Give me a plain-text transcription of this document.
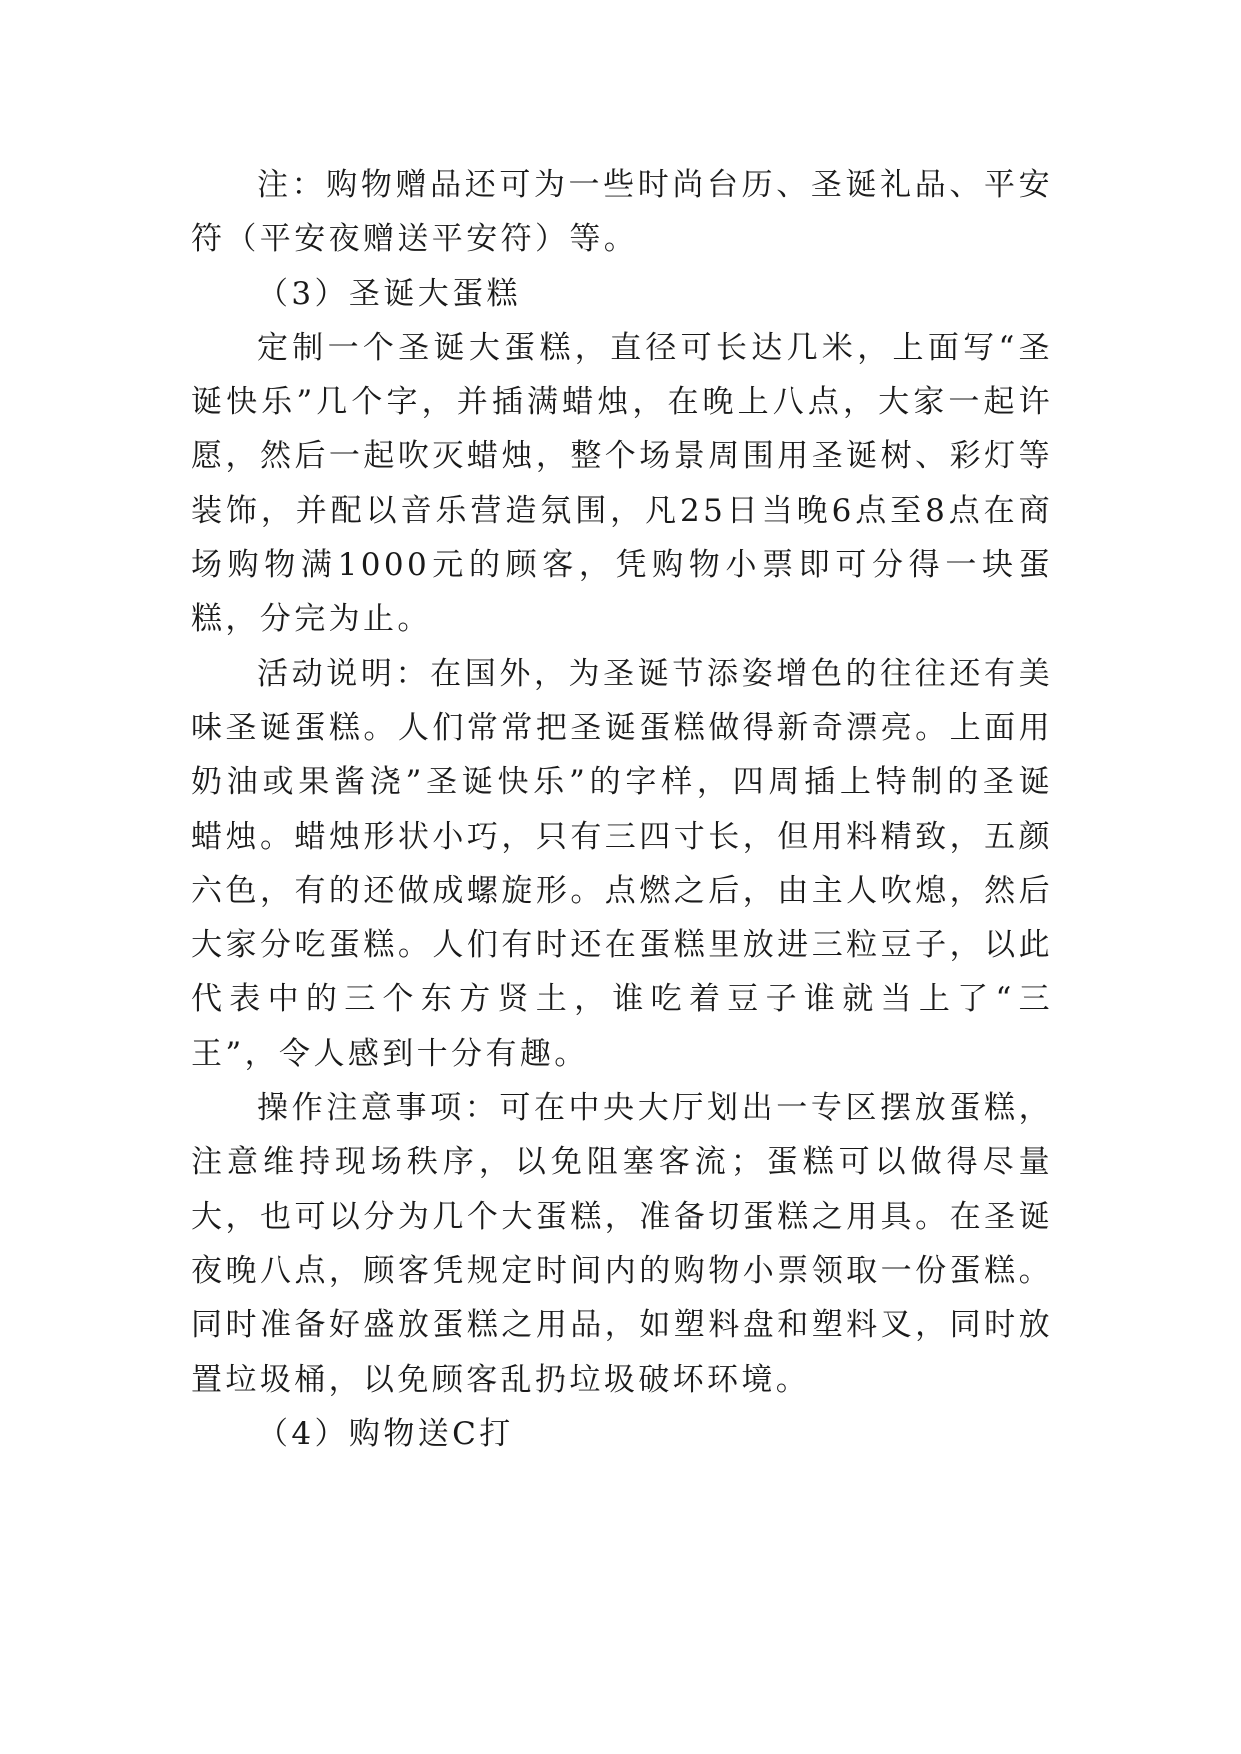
注：购物赠品还可为一些时尚台历、圣诞礼品、平安符（平安夜赠送平安符）等。

（3）圣诞大蛋糕

定制一个圣诞大蛋糕，直径可长达几米，上面写“圣诞快乐”几个字，并插满蜡烛，在晚上八点，大家一起许愿，然后一起吹灭蜡烛，整个场景周围用圣诞树、彩灯等装饰，并配以音乐营造氛围，凡25日当晚6点至8点在商场购物满1000元的顾客，凭购物小票即可分得一块蛋糕，分完为止。

活动说明：在国外，为圣诞节添姿增色的往往还有美味圣诞蛋糕。人们常常把圣诞蛋糕做得新奇漂亮。上面用奶油或果酱浇”圣诞快乐”的字样，四周插上特制的圣诞蜡烛。蜡烛形状小巧，只有三四寸长，但用料精致，五颜六色，有的还做成螺旋形。点燃之后，由主人吹熄，然后大家分吃蛋糕。人们有时还在蛋糕里放进三粒豆子，以此代表中的三个东方贤土，谁吃着豆子谁就当上了“三王”，令人感到十分有趣。

操作注意事项：可在中央大厅划出一专区摆放蛋糕，注意维持现场秩序，以免阻塞客流；蛋糕可以做得尽量大，也可以分为几个大蛋糕，准备切蛋糕之用具。在圣诞夜晚八点，顾客凭规定时间内的购物小票领取一份蛋糕。同时准备好盛放蛋糕之用品，如塑料盘和塑料叉，同时放置垃圾桶，以免顾客乱扔垃圾破坏环境。

（4）购物送C打
